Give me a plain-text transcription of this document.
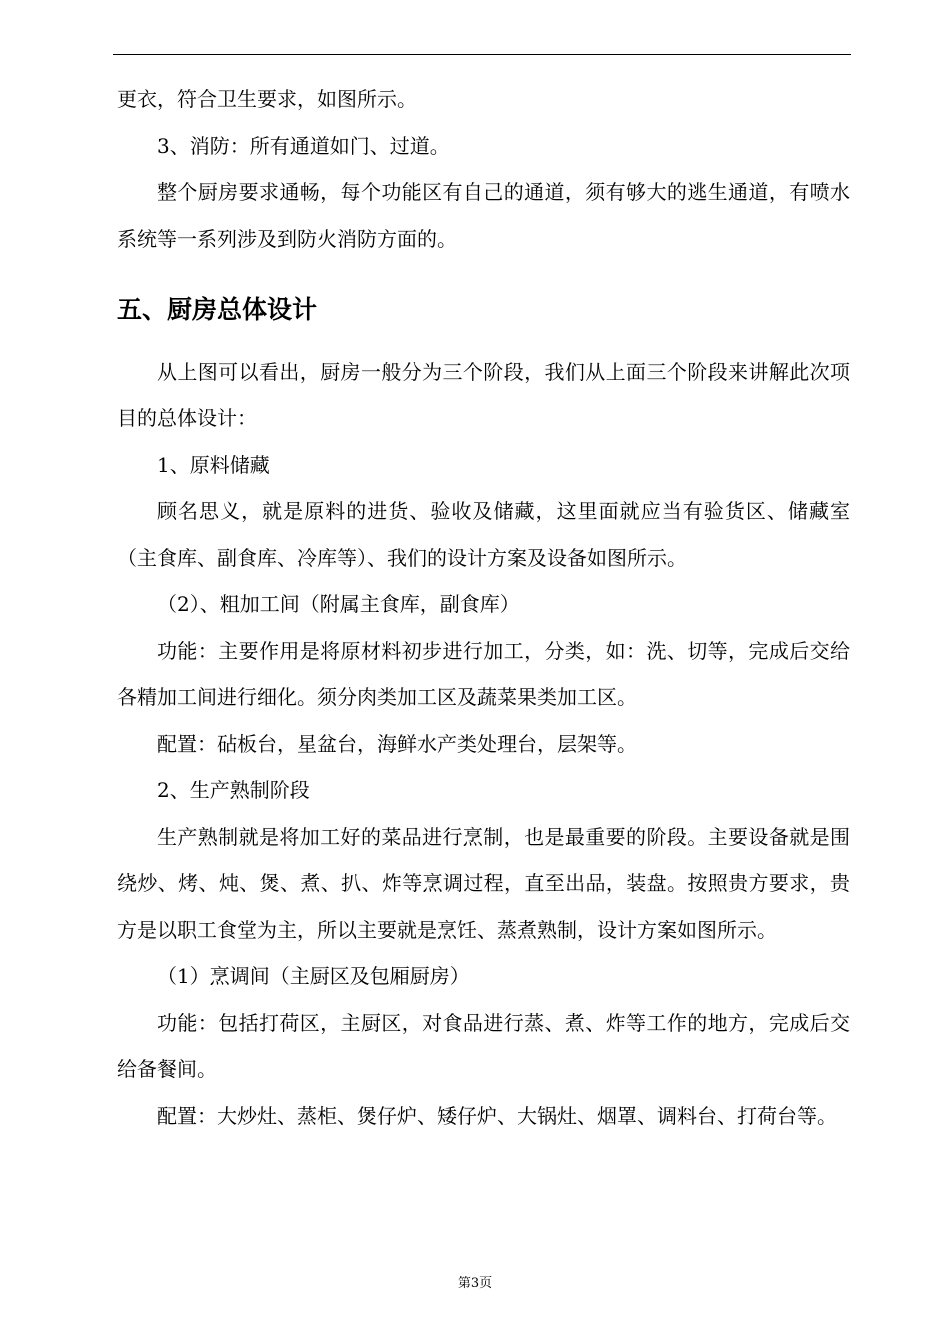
更衣，符合卫生要求，如图所示。

3、消防：所有通道如门、过道。

整个厨房要求通畅，每个功能区有自己的通道，须有够大的逃生通道，有喷水系统等一系列涉及到防火消防方面的。

五、厨房总体设计

从上图可以看出，厨房一般分为三个阶段，我们从上面三个阶段来讲解此次项目的总体设计：

1、原料储藏

顾名思义，就是原料的进货、验收及储藏，这里面就应当有验货区、储藏室（主食库、副食库、冷库等）、我们的设计方案及设备如图所示。

（2）、粗加工间（附属主食库，副食库）

功能：主要作用是将原材料初步进行加工，分类，如：洗、切等，完成后交给各精加工间进行细化。须分肉类加工区及蔬菜果类加工区。

配置：砧板台，星盆台，海鲜水产类处理台，层架等。

2、生产熟制阶段

生产熟制就是将加工好的菜品进行烹制，也是最重要的阶段。主要设备就是围绕炒、烤、炖、煲、煮、扒、炸等烹调过程，直至出品，装盘。按照贵方要求，贵方是以职工食堂为主，所以主要就是烹饪、蒸煮熟制，设计方案如图所示。

（1）烹调间（主厨区及包厢厨房）

功能：包括打荷区，主厨区，对食品进行蒸、煮、炸等工作的地方，完成后交给备餐间。

配置：大炒灶、蒸柜、煲仔炉、矮仔炉、大锅灶、烟罩、调料台、打荷台等。

第3页
